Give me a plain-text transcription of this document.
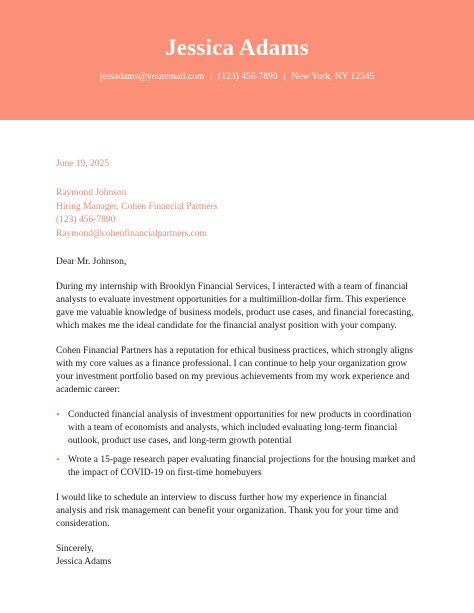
Jessica Adams
jessadams@youremail.com | (123) 456-7890 | New York, NY 12345
June 19, 2025
Raymond Johnson
Hiring Manager, Cohen Financial Partners
(123) 456-7890
Raymond@cohenfinancialpartners.com
Dear Mr. Johnson,
During my internship with Brooklyn Financial Services, I interacted with a team of financial analysts to evaluate investment opportunities for a multimillion-dollar firm. This experience gave me valuable knowledge of business models, product use cases, and financial forecasting, which makes me the ideal candidate for the financial analyst position with your company.
Cohen Financial Partners has a reputation for ethical business practices, which strongly aligns with my core values as a finance professional. I can continue to help your organization grow your investment portfolio based on my previous achievements from my work experience and academic career:
• Conducted financial analysis of investment opportunities for new products in coordination with a team of economists and analysts, which included evaluating long-term financial outlook, product use cases, and long-term growth potential
• Wrote a 15-page research paper evaluating financial projections for the housing market and the impact of COVID-19 on first-time homebuyers
I would like to schedule an interview to discuss further how my experience in financial analysis and risk management can benefit your organization. Thank you for your time and consideration.
Sincerely,
Jessica Adams
